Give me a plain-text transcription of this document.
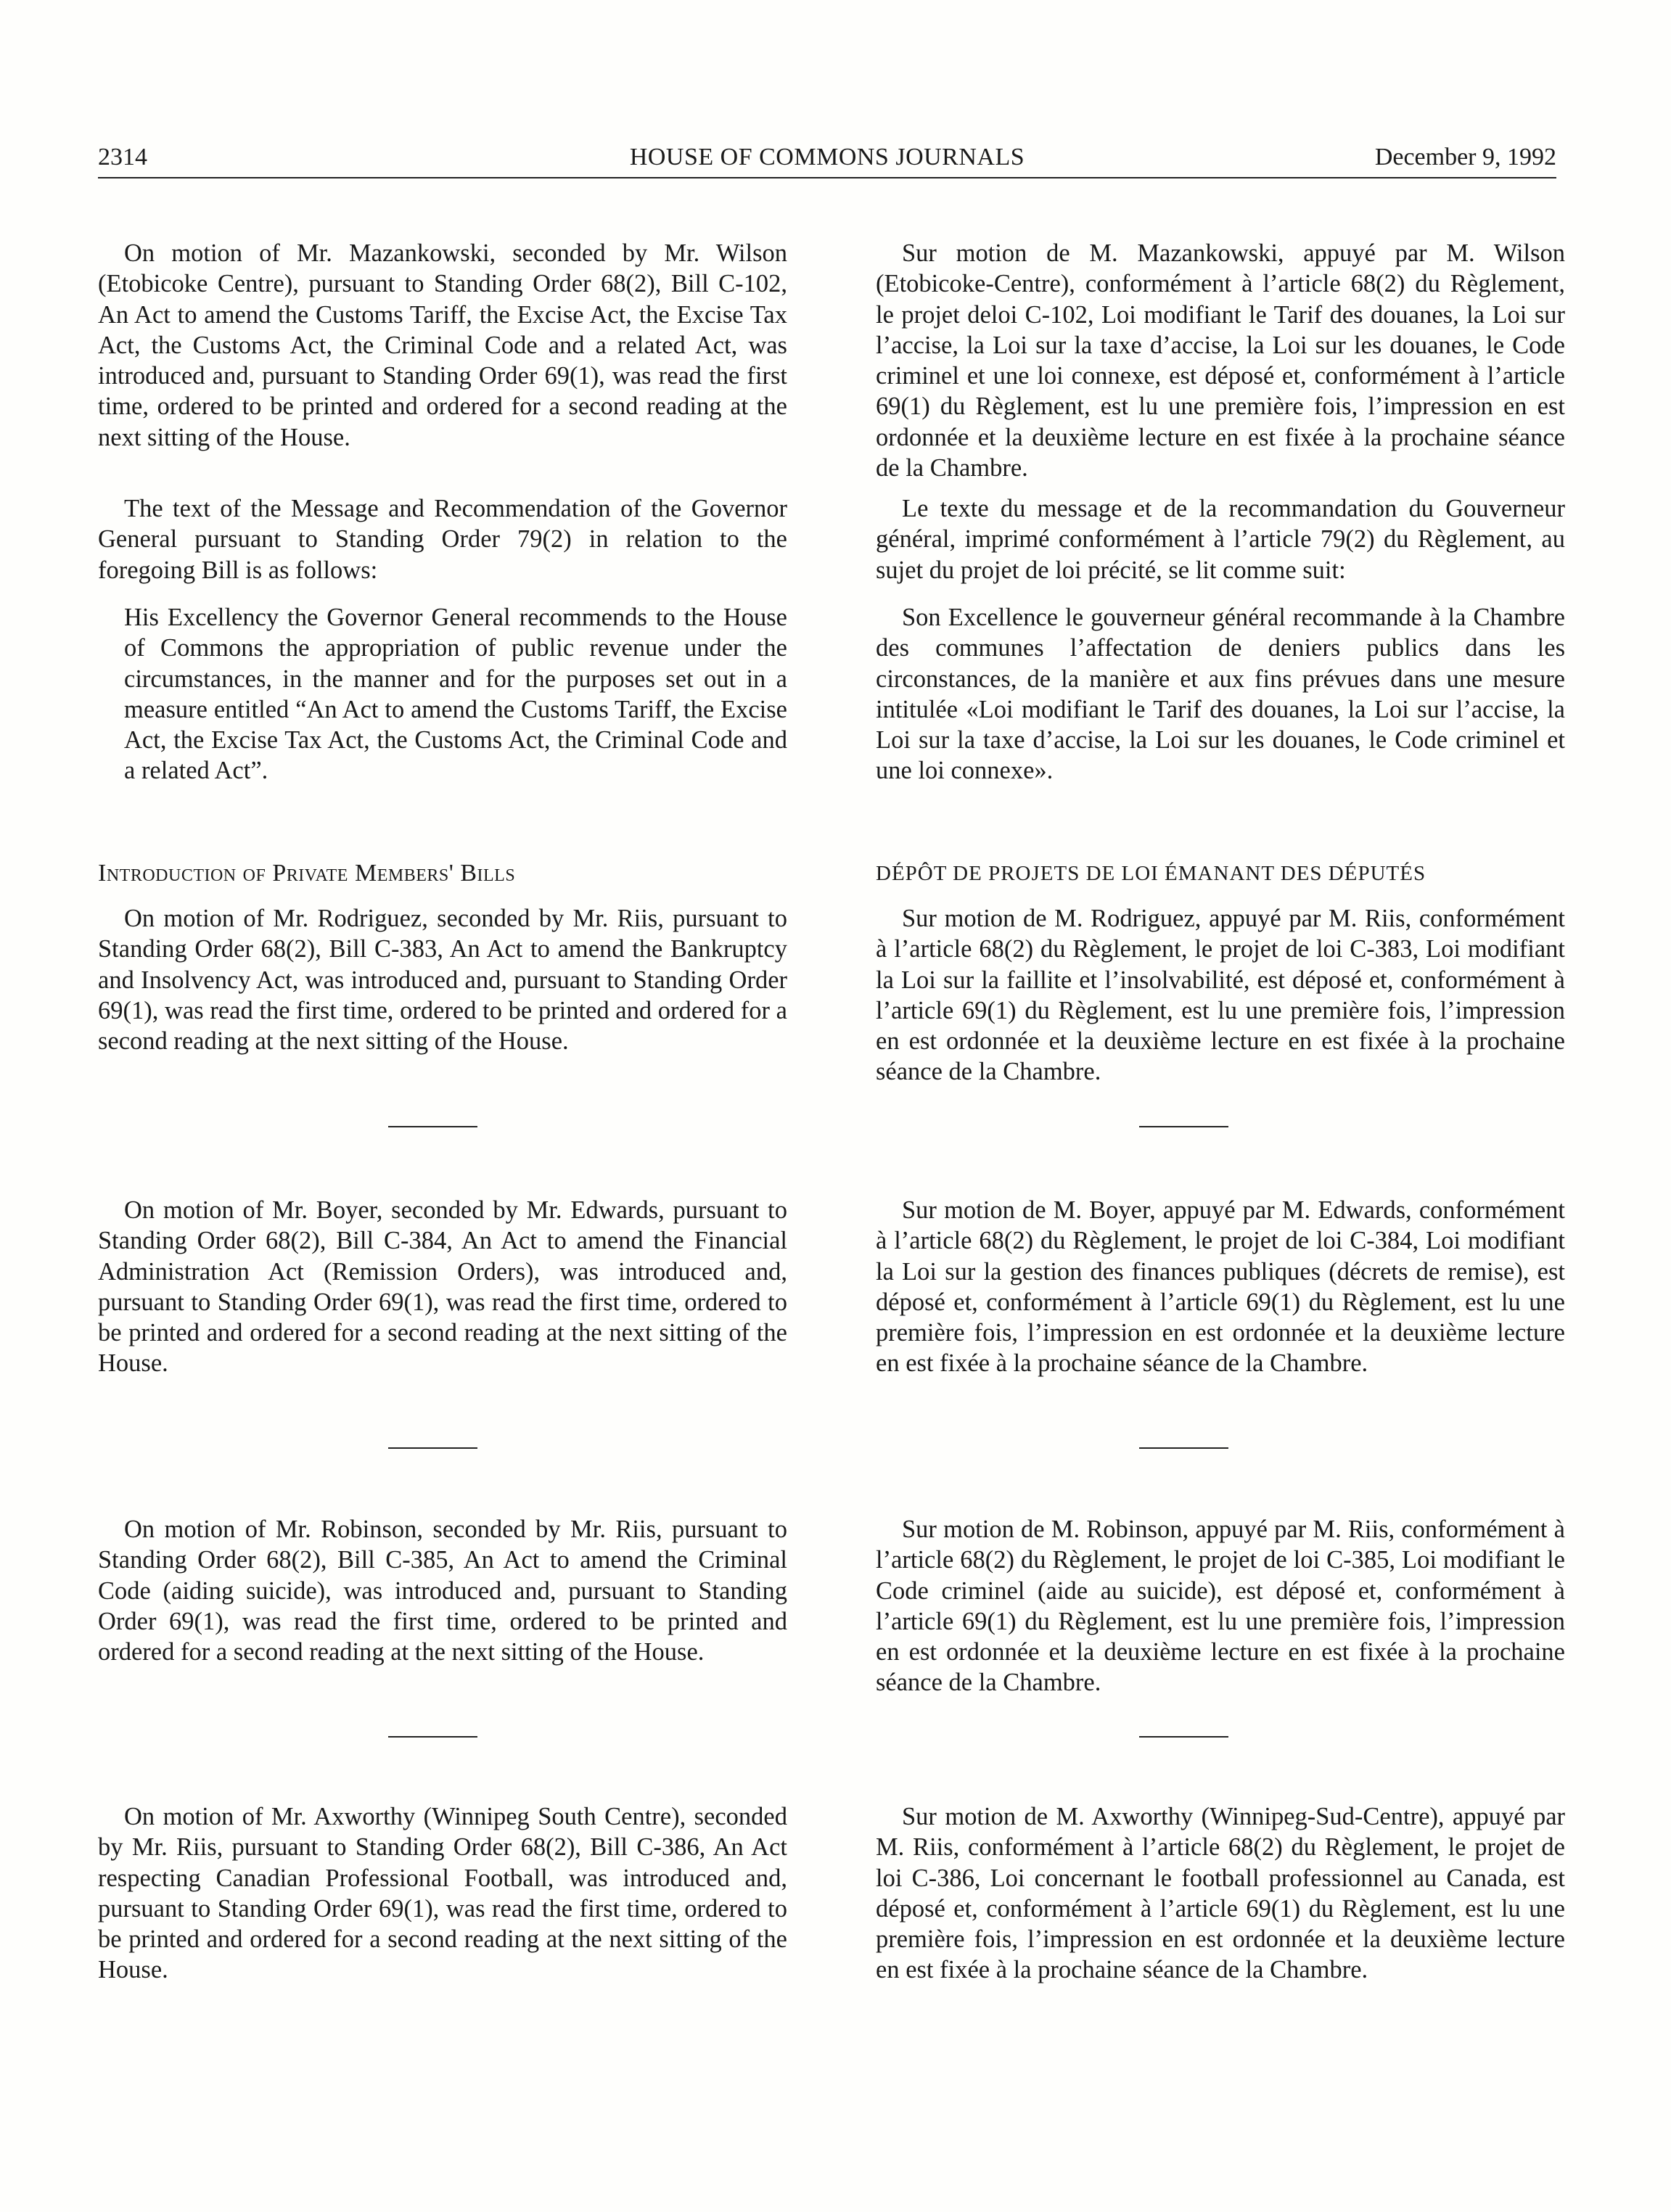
2314	HOUSE OF COMMONS JOURNALS	December 9, 1992

On motion of Mr. Mazankowski, seconded by Mr. Wilson (Etobicoke Centre), pursuant to Standing Order 68(2), Bill C-102, An Act to amend the Customs Tariff, the Excise Act, the Excise Tax Act, the Customs Act, the Criminal Code and a related Act, was introduced and, pursuant to Standing Order 69(1), was read the first time, ordered to be printed and ordered for a second reading at the next sitting of the House.

The text of the Message and Recommendation of the Governor General pursuant to Standing Order 79(2) in relation to the foregoing Bill is as follows:

His Excellency the Governor General recommends to the House of Commons the appropriation of public revenue under the circumstances, in the manner and for the purposes set out in a measure entitled “An Act to amend the Customs Tariff, the Excise Act, the Excise Tax Act, the Customs Act, the Criminal Code and a related Act”.

Introduction of Private Members' Bills

On motion of Mr. Rodriguez, seconded by Mr. Riis, pursuant to Standing Order 68(2), Bill C-383, An Act to amend the Bankruptcy and Insolvency Act, was introduced and, pursuant to Standing Order 69(1), was read the first time, ordered to be printed and ordered for a second reading at the next sitting of the House.

On motion of Mr. Boyer, seconded by Mr. Edwards, pursuant to Standing Order 68(2), Bill C-384, An Act to amend the Financial Administration Act (Remission Orders), was introduced and, pursuant to Standing Order 69(1), was read the first time, ordered to be printed and ordered for a second reading at the next sitting of the House.

On motion of Mr. Robinson, seconded by Mr. Riis, pursuant to Standing Order 68(2), Bill C-385, An Act to amend the Criminal Code (aiding suicide), was introduced and, pursuant to Standing Order 69(1), was read the first time, ordered to be printed and ordered for a second reading at the next sitting of the House.

On motion of Mr. Axworthy (Winnipeg South Centre), seconded by Mr. Riis, pursuant to Standing Order 68(2), Bill C-386, An Act respecting Canadian Professional Football, was introduced and, pursuant to Standing Order 69(1), was read the first time, ordered to be printed and ordered for a second reading at the next sitting of the House.

Sur motion de M. Mazankowski, appuyé par M. Wilson (Etobicoke-Centre), conformément à l’article 68(2) du Règlement, le projet deloi C-102, Loi modifiant le Tarif des douanes, la Loi sur l’accise, la Loi sur la taxe d’accise, la Loi sur les douanes, le Code criminel et une loi connexe, est déposé et, conformément à l’article 69(1) du Règlement, est lu une première fois, l’impression en est ordonnée et la deuxième lecture en est fixée à la prochaine séance de la Chambre.

Le texte du message et de la recommandation du Gouverneur général, imprimé conformément à l’article 79(2) du Règlement, au sujet du projet de loi précité, se lit comme suit:

Son Excellence le gouverneur général recommande à la Chambre des communes l’affectation de deniers publics dans les circonstances, de la manière et aux fins prévues dans une mesure intitulée «Loi modifiant le Tarif des douanes, la Loi sur l’accise, la Loi sur la taxe d’accise, la Loi sur les douanes, le Code criminel et une loi connexe».

DÉPÔT DE PROJETS DE LOI ÉMANANT DES DÉPUTÉS

Sur motion de M. Rodriguez, appuyé par M. Riis, conformément à l’article 68(2) du Règlement, le projet de loi C-383, Loi modifiant la Loi sur la faillite et l’insolvabilité, est déposé et, conformément à l’article 69(1) du Règlement, est lu une première fois, l’impression en est ordonnée et la deuxième lecture en est fixée à la prochaine séance de la Chambre.

Sur motion de M. Boyer, appuyé par M. Edwards, conformément à l’article 68(2) du Règlement, le projet de loi C-384, Loi modifiant la Loi sur la gestion des finances publiques (décrets de remise), est déposé et, conformément à l’article 69(1) du Règlement, est lu une première fois, l’impression en est ordonnée et la deuxième lecture en est fixée à la prochaine séance de la Chambre.

Sur motion de M. Robinson, appuyé par M. Riis, conformément à l’article 68(2) du Règlement, le projet de loi C-385, Loi modifiant le Code criminel (aide au suicide), est déposé et, conformément à l’article 69(1) du Règlement, est lu une première fois, l’impression en est ordonnée et la deuxième lecture en est fixée à la prochaine séance de la Chambre.

Sur motion de M. Axworthy (Winnipeg-Sud-Centre), appuyé par M. Riis, conformément à l’article 68(2) du Règlement, le projet de loi C-386, Loi concernant le football professionnel au Canada, est déposé et, conformément à l’article 69(1) du Règlement, est lu une première fois, l’impression en est ordonnée et la deuxième lecture en est fixée à la prochaine séance de la Chambre.
